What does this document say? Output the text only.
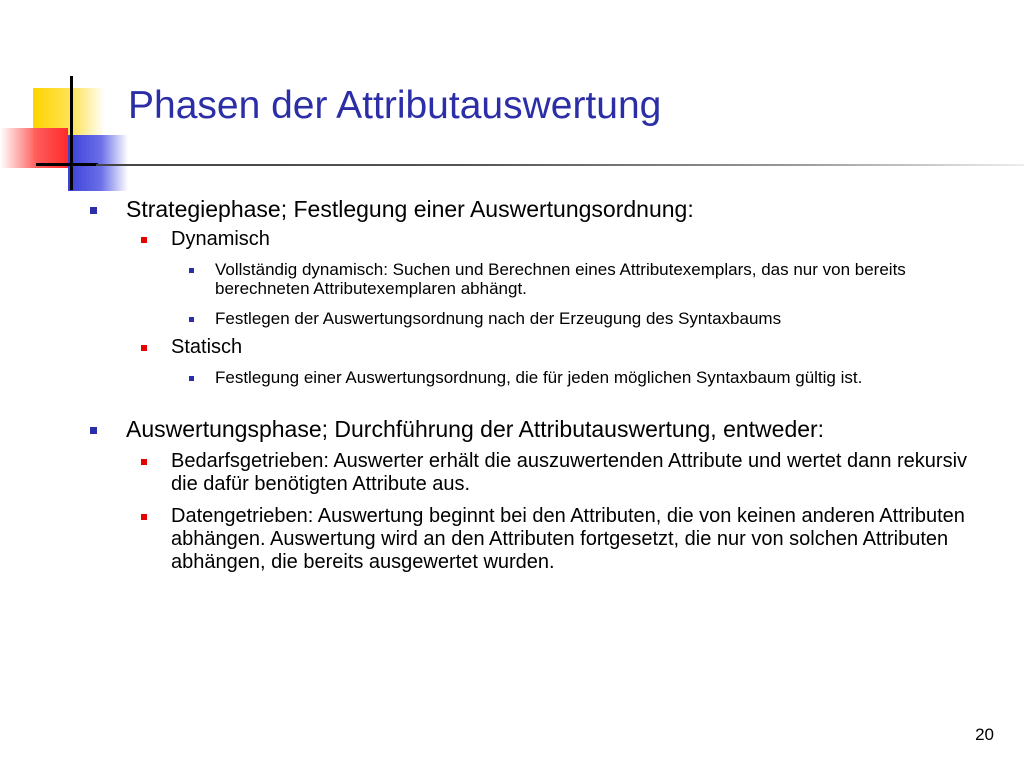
Phasen der Attributauswertung
Strategiephase; Festlegung einer Auswertungsordnung:
Dynamisch
Vollständig dynamisch: Suchen und Berechnen eines Attributexemplars, das nur von bereits berechneten Attributexemplaren abhängt.
Festlegen der Auswertungsordnung nach der Erzeugung des Syntaxbaums
Statisch
Festlegung einer Auswertungsordnung, die für jeden möglichen Syntaxbaum gültig ist.
Auswertungsphase; Durchführung der Attributauswertung, entweder:
Bedarfsgetrieben: Auswerter erhält die auszuwertenden Attribute und wertet dann rekursiv die dafür benötigten Attribute aus.
Datengetrieben: Auswertung beginnt bei den Attributen, die von keinen anderen Attributen abhängen. Auswertung wird an den Attributen fortgesetzt, die nur von solchen Attributen abhängen, die bereits ausgewertet wurden.
20
